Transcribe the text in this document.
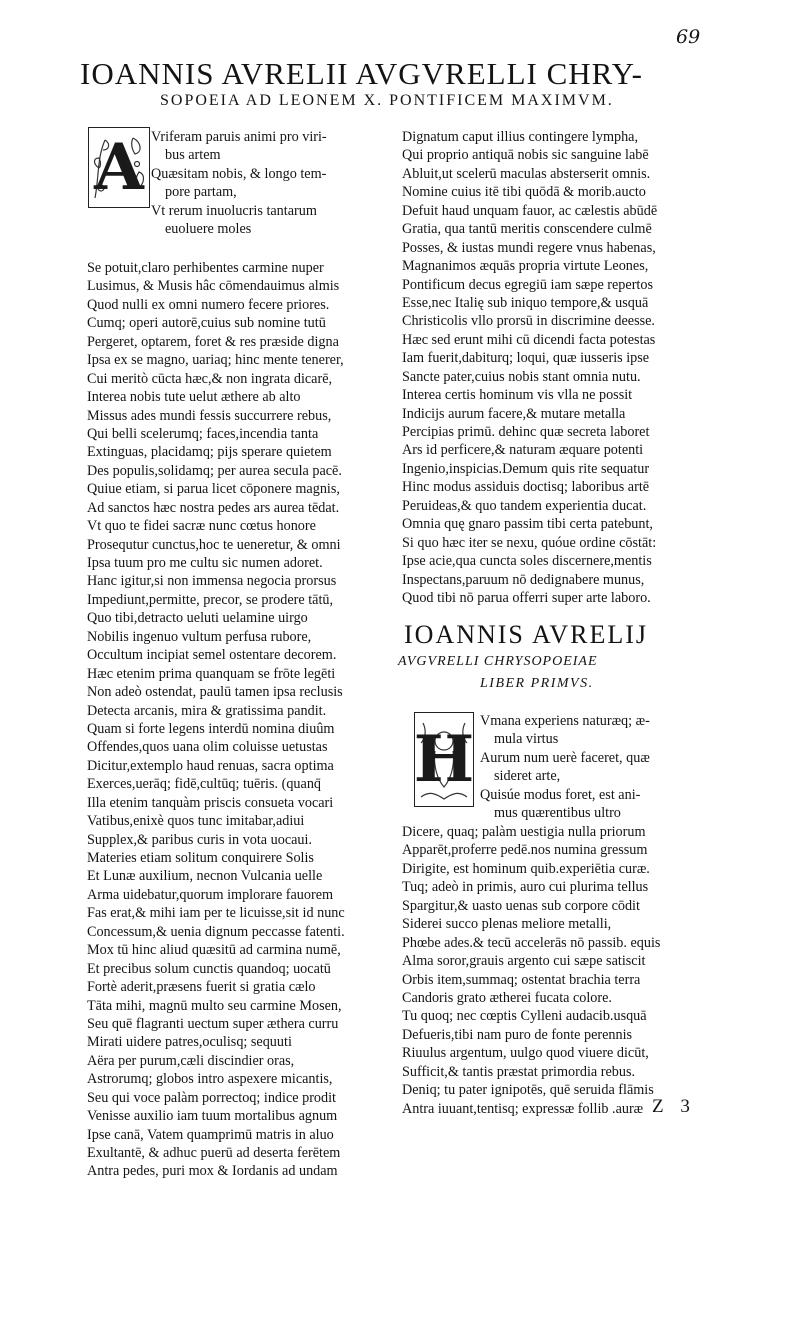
69
IOANNIS AVRELII AVGVRELLI CHRY-
SOPOEIA AD LEONEM X. PONTIFICEM MAXIMVM.
A Vriferam paruis animi pro viri-
bus artem
Quæsitam nobis, & longo tem-
pore partam,
Vt rerum inuolucris tantarum
euoluere moles
Se potuit,claro perhibentes carmine nuper
Lusimus, & Musis hâc cōmendauimus almis
Quod nulli ex omni numero fecere priores.
Cumq; operi autorē,cuius sub nomine tutū
Pergeret, optarem, foret & res præside digna
Ipsa ex se magno, uariaq; hinc mente tenerer,
Cui meritò cūcta hæc,& non ingrata dicarē,
Interea nobis tute uelut æthere ab alto
Missus ades mundi fessis succurrere rebus,
Qui belli scelerumq; faces,incendia tanta
Extinguas, placidamq; pijs sperare quietem
Des populis,solidamq; per aurea secula pacē.
Quiue etiam, si parua licet cōponere magnis,
Ad sanctos hæc nostra pedes ars aurea tēdat.
Vt quo te fidei sacræ nunc cœtus honore
Prosequtur cunctus,hoc te ueneretur, & omni
Ipsa tuum pro me cultu sic numen adoret.
Hanc igitur,si non immensa negocia prorsus
Impediunt,permitte, precor, se prodere tātū,
Quo tibi,detracto ueluti uelamine uirgo
Nobilis ingenuo vultum perfusa rubore,
Occultum incipiat semel ostentare decorem.
Hæc etenim prima quanquam se frōte legēti
Non adeò ostendat, paulū tamen ipsa reclusis
Detecta arcanis, mira & gratissima pandit.
Quam si forte legens interdū nomina diuûm
Offendes,quos uana olim coluisse uetustas
Dicitur,extemplo haud renuas, sacra optima
Exerces,uerāq; fidē,cultūq; tuēris. (quanq̄
Illa etenim tanquàm priscis consueta vocari
Vatibus,enixè quos tunc imitabar,adiui
Supplex,& paribus curis in vota uocaui.
Materies etiam solitum conquirere Solis
Et Lunæ auxilium, necnon Vulcania uelle
Arma uidebatur,quorum implorare fauorem
Fas erat,& mihi iam per te licuisse,sit id nunc
Concessum,& uenia dignum peccasse fatenti.
Mox tū hinc aliud quæsitū ad carmina numē,
Et precibus solum cunctis quandoq; uocatū
Fortè aderit,præsens fuerit si gratia cælo
Tāta mihi, magnū multo seu carmine Mosen,
Seu quē flagranti uectum super æthera curru
Mirati uidere patres,oculisq; sequuti
Aëra per purum,cæli discindier oras,
Astrorumq; globos intro aspexere micantis,
Seu qui voce palàm porrectoq; indice prodit
Venisse auxilio iam tuum mortalibus agnum
Ipse canā, Vatem quamprimū matris in aluo
Exultantē, & adhuc puerū ad deserta ferētem
Antra pedes, puri mox & Iordanis ad undam
Dignatum caput illius contingere lympha,
Qui proprio antiquā nobis sic sanguine labē
Abluit,ut scelerū maculas absterserit omnis.
Nomine cuius itē tibi quōdā & morib.aucto
Defuit haud unquam fauor, ac cælestis abūdē
Gratia, qua tantū meritis conscendere culmē
Posses, & iustas mundi regere vnus habenas,
Magnanimos æquās propria virtute Leones,
Pontificum decus egregiū iam sæpe repertos
Esse,nec Italię sub iniquo tempore,& usquā
Christicolis vllo prorsū in discrimine deesse.
Hæc sed erunt mihi cū dicendi facta potestas
Iam fuerit,dabiturq; loqui, quæ iusseris ipse
Sancte pater,cuius nobis stant omnia nutu.
Interea certis hominum vis vlla ne possit
Indicijs aurum facere,& mutare metalla
Percipias primū. dehinc quæ secreta laboret
Ars id perficere,& naturam æquare potenti
Ingenio,inspicias.Demum quis rite sequatur
Hinc modus assiduis doctisq; laboribus artē
Peruideas,& quo tandem experientia ducat.
Omnia quę gnaro passim tibi certa patebunt,
Si quo hæc iter se nexu, quóue ordine cōstāt:
Ipse acie,qua cuncta soles discernere,mentis
Inspectans,paruum nō dedignabere munus,
Quod tibi nō parua offerri super arte laboro.
IOANNIS AVRELIJ
AVGVRELLI CHRYSOPOEIAE
LIBER PRIMVS.
H
Vmana experiens naturæq; æ-
mula virtus
Aurum num uerè faceret, quæ
sideret arte,
Quisúe modus foret, est ani-
mus quærentibus ultro
Dicere, quaq; palàm uestigia nulla priorum
Apparēt,proferre pedē.nos numina gressum
Dirigite, est hominum quib.experiētia curæ.
Tuq; adeò in primis, auro cui plurima tellus
Spargitur,& uasto uenas sub corpore cōdit
Siderei succo plenas meliore metalli,
Phœbe ades.& tecū accelerās nō passib. equis
Alma soror,grauis argento cui sæpe satiscit
Orbis item,summaq; ostentat brachia terra
Candoris grato ætherei fucata colore.
Tu quoq; nec cœptis Cylleni audacib.usquā
Defueris,tibi nam puro de fonte perennis
Riuulus argentum, uulgo quod viuere dicūt,
Sufficit,& tantis præstat primordia rebus.
Deniq; tu pater ignipotēs, quē seruida flāmis
Antra iuuant,tentisq; expressæ follib .auræ Z 3
